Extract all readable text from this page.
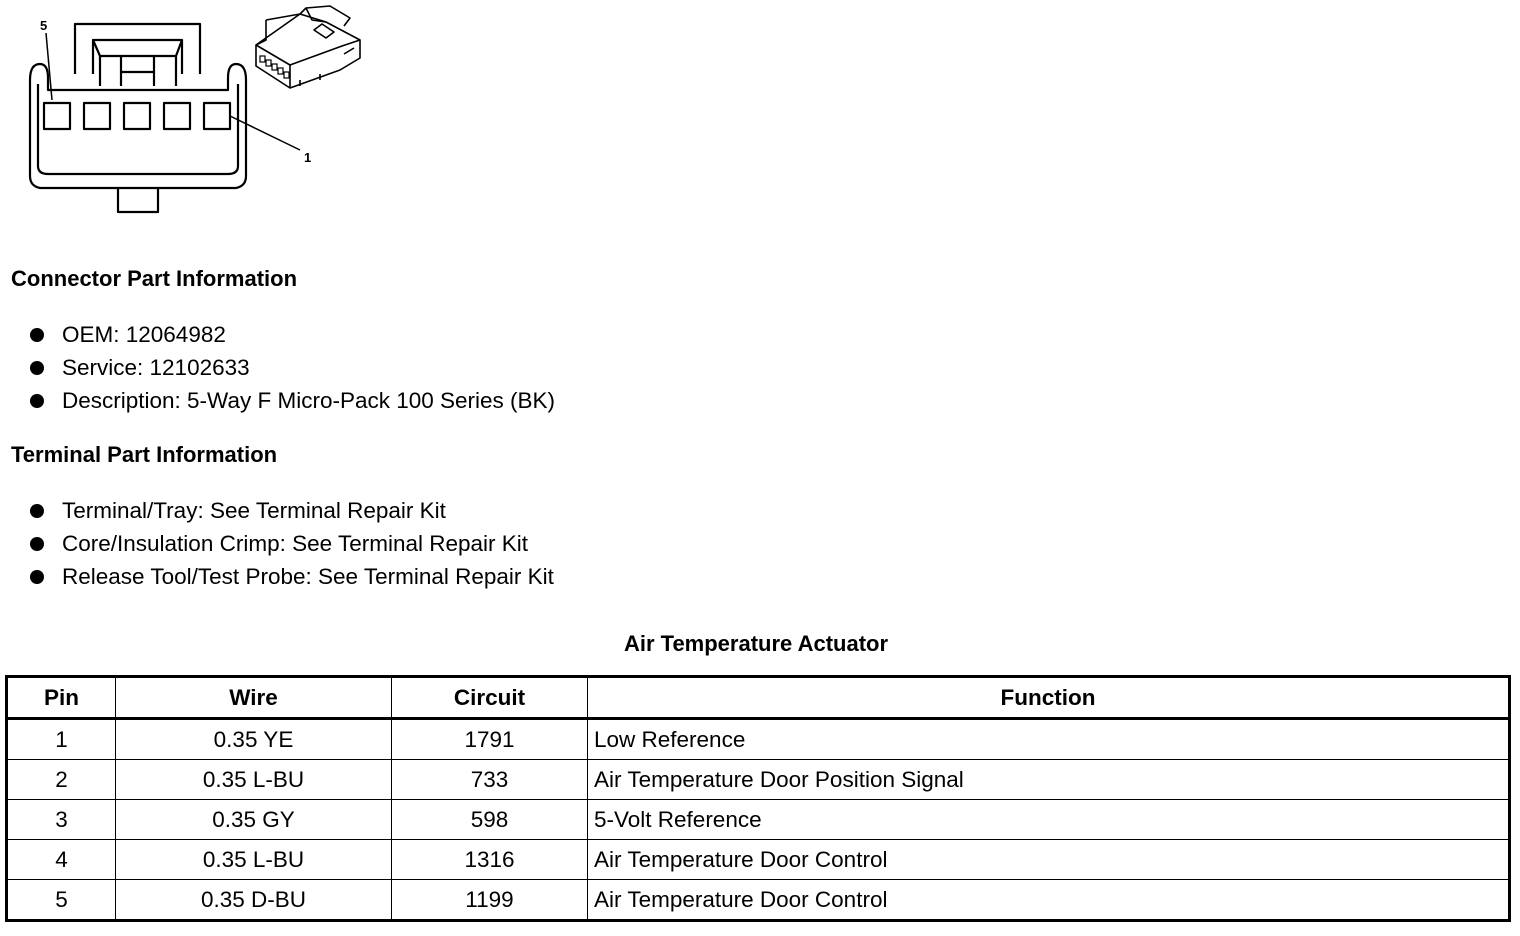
5
1
Connector Part Information
OEM: 12064982
Service: 12102633
Description: 5-Way F Micro-Pack 100 Series (BK)
Terminal Part Information
Terminal/Tray: See Terminal Repair Kit
Core/Insulation Crimp: See Terminal Repair Kit
Release Tool/Test Probe: See Terminal Repair Kit
Air Temperature Actuator
Pin	Wire	Circuit	Function
1	0.35 YE	1791	Low Reference
2	0.35 L-BU	733	Air Temperature Door Position Signal
3	0.35 GY	598	5-Volt Reference
4	0.35 L-BU	1316	Air Temperature Door Control
5	0.35 D-BU	1199	Air Temperature Door Control
